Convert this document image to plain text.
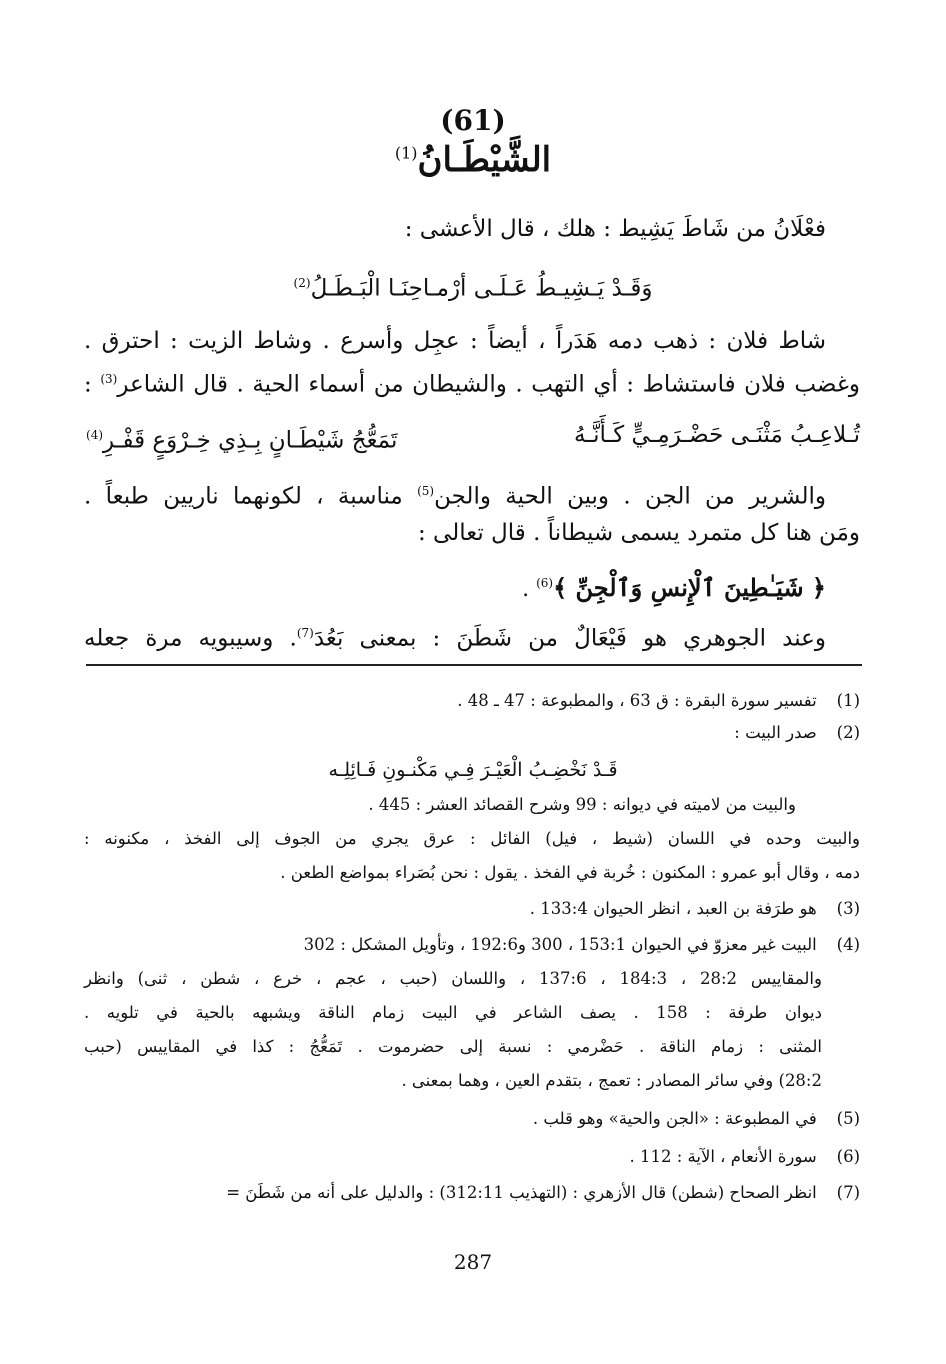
(61)
الشَّيْطَـانُ$^{(1)}$
فعْلَانُ من شَاطَ يَشِيط : هلك ، قال الأعشى :
وَقَـدْ يَـشِيـطُ عَـلَـى أرْمـاحِنَـا الْبَـطَـلُ$^{(2)}$
شاط فلان : ذهب دمه هَدَراً ، أيضاً : عجِل وأسرع . وشاط الزيت : احترق .
وغضب فلان فاستشاط : أي التهب . والشيطان من أسماء الحية . قال الشاعر$^{(3)}$ :
تُـلاعِـبُ مَثْنَـى حَضْـرَمِـيٍّ كَـأَنَّـهُ
تَمَعُّجُ شَيْطَـانٍ بِـذِي خِـرْوَعٍ قَفْـرِ$^{(4)}$
والشرير من الجن . وبين الحية والجن$^{(5)}$ مناسبة ، لكونهما ناريين طبعاً .
ومَن هنا كل متمرد يسمى شيطاناً . قال تعالى :
﴿ شَيَـٰطِينَ ٱلْإِنسِ وَٱلْجِنِّ ﴾$^{(6)}$ .
وعند الجوهري هو فَيْعَالٌ من شَطَنَ : بمعنى بَعُدَ$^{(7)}$. وسيبويه مرة جعله
(1) تفسير سورة البقرة : ق 63 ، والمطبوعة : 47 ـ 48 .
(2) صدر البيت :
قَـدْ نَخْضِـبُ الْعَيْـرَ فِـي مَكْنـونِ فَـائِلِـه
والبيت من لاميته في ديوانه : 99 وشرح القصائد العشر : 445 .
والبيت وحده في اللسان (شيط ، فيل) الفائل : عرق يجري من الجوف إلى الفخذ ، مكنونه :
دمه ، وقال أبو عمرو : المكنون : خُربة في الفخذ . يقول : نحن بُصَراء بمواضع الطعن .
(3) هو طرَفة بن العبد ، انظر الحيوان 133:4 .
(4) البيت غير معزوّ في الحيوان 153:1 ، 300 و192:6 ، وتأويل المشكل : 302
والمقاييس 28:2 ، 184:3 ، 137:6 ، واللسان (حبب ، عجم ، خرع ، شطن ، ثنى) وانظر
ديوان طرفة : 158 . يصف الشاعر في البيت زمام الناقة ويشبهه بالحية في تلويه .
المثنى : زمام الناقة . حَضْرمي : نسبة إلى حضرموت . تَمَعُّجُ : كذا في المقاييس (حبب
28:2) وفي سائر المصادر : تعمج ، بتقدم العين ، وهما بمعنى .
(5) في المطبوعة : «الجن والحية» وهو قلب .
(6) سورة الأنعام ، الآية : 112 .
(7) انظر الصحاح (شطن) قال الأزهري : (التهذيب 312:11) : والدليل على أنه من شَطَنَ =
287
